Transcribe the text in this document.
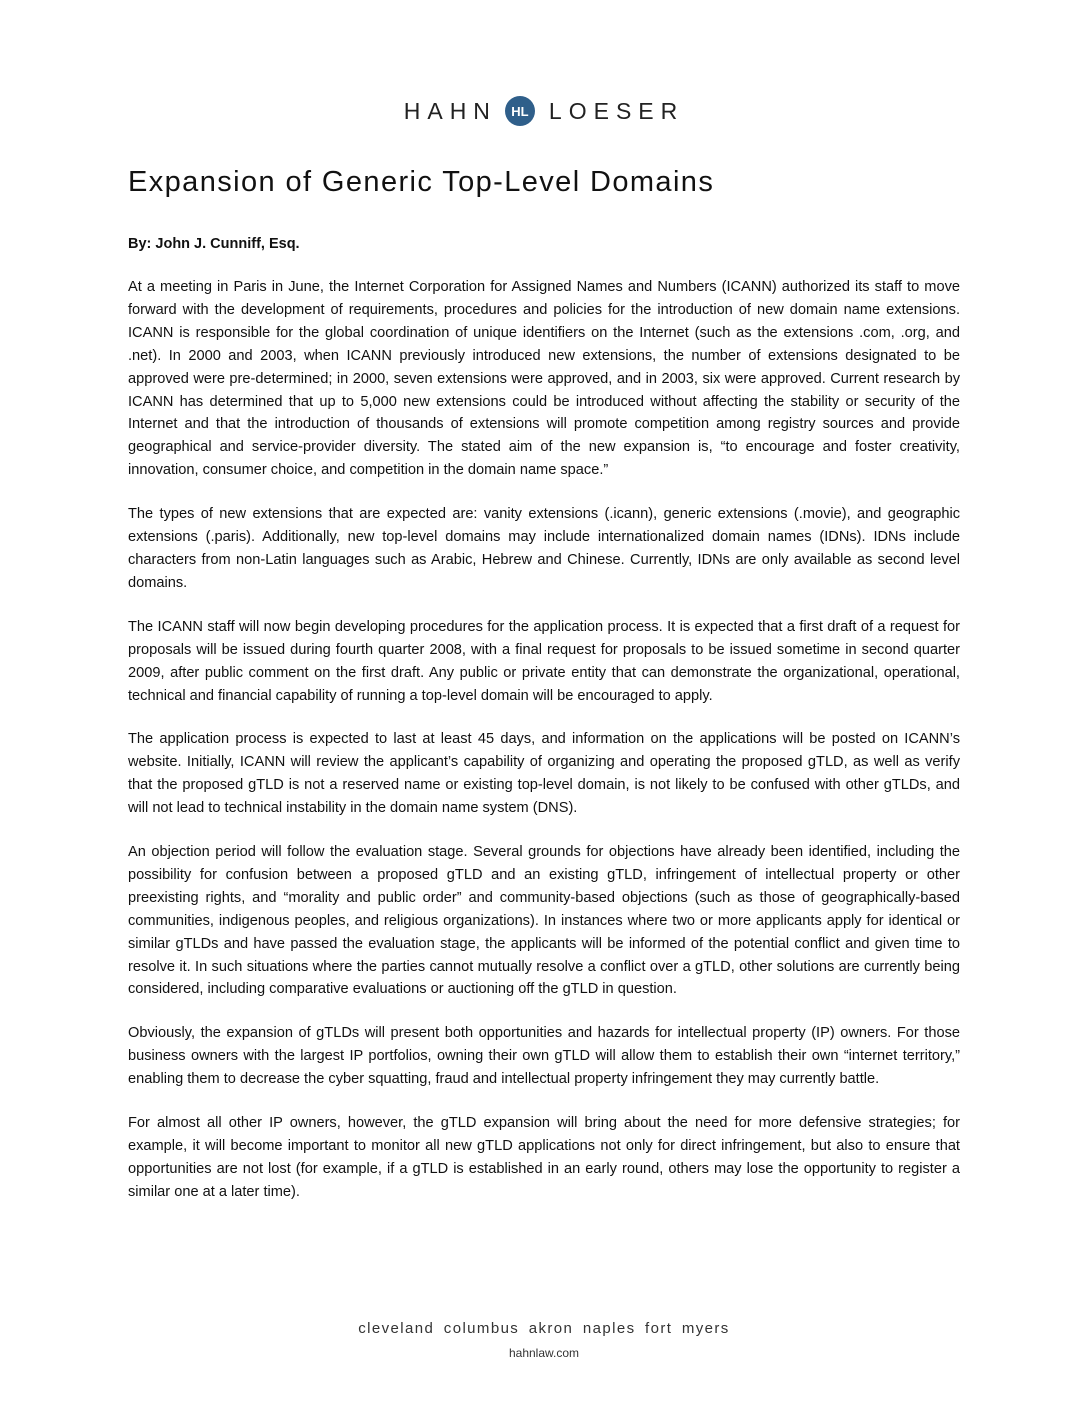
HAHN	HL LOESER
Expansion of Generic Top-Level Domains

By: John J. Cunniff, Esq.

At a meeting in Paris in June, the Internet Corporation for Assigned Names and Numbers (ICANN) authorized its staff to move forward with the development of requirements, procedures and policies for the introduction of new domain name extensions. ICANN is responsible for the global coordination of unique identifiers on the Internet (such as the extensions .com, .org, and .net). In 2000 and 2003, when ICANN previously introduced new extensions, the number of extensions designated to be approved were pre-determined; in 2000, seven extensions were approved, and in 2003, six were approved. Current research by ICANN has determined that up to 5,000 new extensions could be introduced without affecting the stability or security of the Internet and that the introduction of thousands of extensions will promote competition among registry sources and provide geographical and service-provider diversity. The stated aim of the new expansion is, “to encourage and foster creativity, innovation, consumer choice, and competition in the domain name space.”

The types of new extensions that are expected are: vanity extensions (.icann), generic extensions (.movie), and geographic extensions (.paris). Additionally, new top-level domains may include internationalized domain names (IDNs). IDNs include characters from non-Latin languages such as Arabic, Hebrew and Chinese. Currently, IDNs are only available as second level domains.

The ICANN staff will now begin developing procedures for the application process. It is expected that a first draft of a request for proposals will be issued during fourth quarter 2008, with a final request for proposals to be issued sometime in second quarter 2009, after public comment on the first draft. Any public or private entity that can demonstrate the organizational, operational, technical and financial capability of running a top-level domain will be encouraged to apply.

The application process is expected to last at least 45 days, and information on the applications will be posted on ICANN’s website. Initially, ICANN will review the applicant’s capability of organizing and operating the proposed gTLD, as well as verify that the proposed gTLD is not a reserved name or existing top-level domain, is not likely to be confused with other gTLDs, and will not lead to technical instability in the domain name system (DNS).

An objection period will follow the evaluation stage. Several grounds for objections have already been identified, including the possibility for confusion between a proposed gTLD and an existing gTLD, infringement of intellectual property or other preexisting rights, and “morality and public order” and community-based objections (such as those of geographically-based communities, indigenous peoples, and religious organizations). In instances where two or more applicants apply for identical or similar gTLDs and have passed the evaluation stage, the applicants will be informed of the potential conflict and given time to resolve it. In such situations where the parties cannot mutually resolve a conflict over a gTLD, other solutions are currently being considered, including comparative evaluations or auctioning off the gTLD in question.

Obviously, the expansion of gTLDs will present both opportunities and hazards for intellectual property (IP) owners. For those business owners with the largest IP portfolios, owning their own gTLD will allow them to establish their own “internet territory,” enabling them to decrease the cyber squatting, fraud and intellectual property infringement they may currently battle.

For almost all other IP owners, however, the gTLD expansion will bring about the need for more defensive strategies; for example, it will become important to monitor all new gTLD applications not only for direct infringement, but also to ensure that opportunities are not lost (for example, if a gTLD is established in an early round, others may lose the opportunity to register a similar one at a later time).

cleveland columbus akron naples fort myers
hahnlaw.com
